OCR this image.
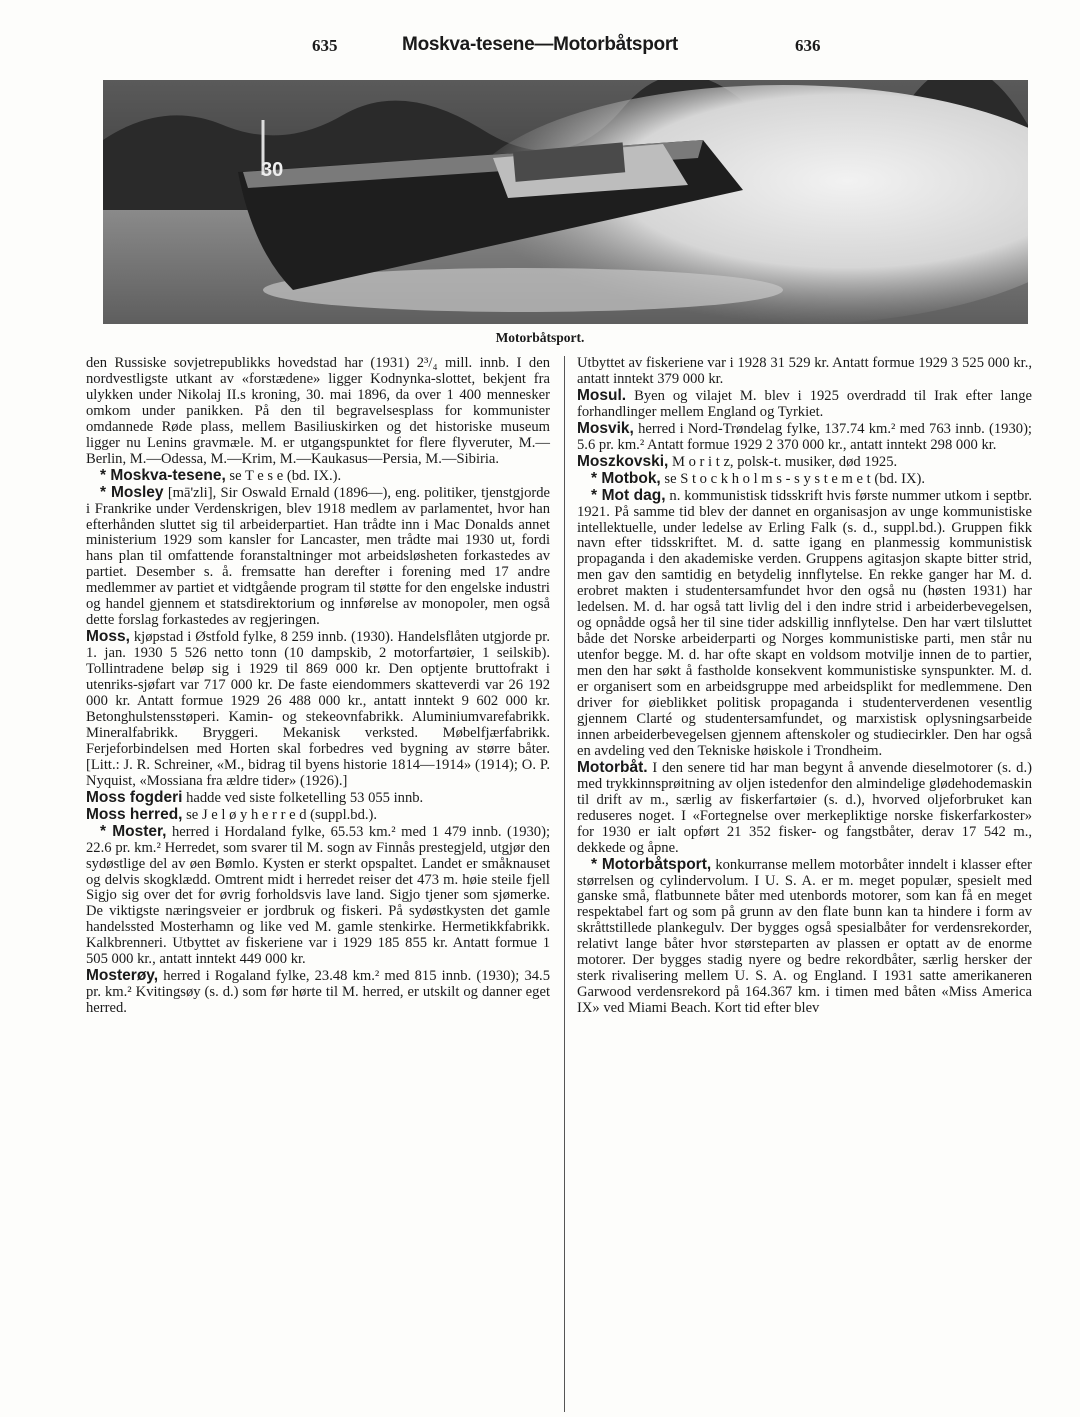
635	Moskva-tesene—Motorbåtsport	636
30
Motorbåtsport.

den Russiske sovjetrepublikks hovedstad har (1931) 2³/₄ mill. innb. I den nordvestligste utkant av «forstædene» ligger Kodnynka-slottet, bekjent fra ulykken under Nikolaj II.s kroning, 30. mai 1896, da over 1 400 mennesker omkom under panikken. På den til begravelsesplass for kommunister omdannede Røde plass, mellem Basiliuskirken og det historiske museum ligger nu Lenins gravmæle. M. er utgangspunktet for flere flyveruter, M.—Berlin, M.—Odessa, M.—Krim, M.—Kaukasus—Persia, M.—Sibiria.

* Moskva-tesene, se T e s e (bd. IX.).

* Mosley [mā'zli], Sir Oswald Ernald (1896—), eng. politiker, tjenstgjorde i Frankrike under Verdenskrigen, blev 1918 medlem av parlamentet, hvor han efterhånden sluttet sig til arbeiderpartiet. Han trådte inn i Mac Donalds annet ministerium 1929 som kansler for Lancaster, men trådte mai 1930 ut, fordi hans plan til omfattende foranstaltninger mot arbeidsløsheten forkastedes av partiet. Desember s. å. fremsatte han derefter i forening med 17 andre medlemmer av partiet et vidtgående program til støtte for den engelske industri og handel gjennem et statsdirektorium og innførelse av monopoler, men også dette forslag forkastedes av regjeringen.

Moss, kjøpstad i Østfold fylke, 8 259 innb. (1930). Handelsflåten utgjorde pr. 1. jan. 1930 5 526 netto tonn (10 dampskib, 2 motorfartøier, 1 seilskib). Tollintradene beløp sig i 1929 til 869 000 kr. Den optjente bruttofrakt i utenriks-sjøfart var 717 000 kr. De faste eiendommers skatteverdi var 26 192 000 kr. Antatt formue 1929 26 488 000 kr., antatt inntekt 9 602 000 kr. Betonghulstensstøperi. Kamin- og stekeovnfabrikk. Aluminiumvarefabrikk. Mineralfabrikk. Bryggeri. Mekanisk verksted. Møbelfjærfabrikk. Ferjeforbindelsen med Horten skal forbedres ved bygning av større båter. [Litt.: J. R. Schreiner, «M., bidrag til byens historie 1814—1914» (1914); O. P. Nyquist, «Mossiana fra ældre tider» (1926).]

Moss fogderi hadde ved siste folketelling 53 055 innb.

Moss herred, se J e l ø y h e r r e d (suppl.bd.).

* Moster, herred i Hordaland fylke, 65.53 km.² med 1 479 innb. (1930); 22.6 pr. km.² Herredet, som svarer til M. sogn av Finnås prestegjeld, utgjør den sydøstlige del av øen Bømlo. Kysten er sterkt opspaltet. Landet er småknauset og delvis skogklædd. Omtrent midt i herredet reiser det 473 m. høie steile fjell Sigjo sig over det for øvrig forholdsvis lave land. Sigjo tjener som sjømerke. De viktigste næringsveier er jordbruk og fiskeri. På sydøstkysten det gamle handelssted Mosterhamn og like ved M. gamle stenkirke. Hermetikkfabrikk. Kalkbrenneri. Utbyttet av fiskeriene var i 1929 185 855 kr. Antatt formue 1 505 000 kr., antatt inntekt 449 000 kr.

Mosterøy, herred i Rogaland fylke, 23.48 km.² med 815 innb. (1930); 34.5 pr. km.² Kvitingsøy (s. d.) som før hørte til M. herred, er utskilt og danner eget herred.

Utbyttet av fiskeriene var i 1928 31 529 kr. Antatt formue 1929 3 525 000 kr., antatt inntekt 379 000 kr.

Mosul. Byen og vilajet M. blev i 1925 overdradd til Irak efter lange forhandlinger mellem England og Tyrkiet.

Mosvik, herred i Nord-Trøndelag fylke, 137.74 km.² med 763 innb. (1930); 5.6 pr. km.² Antatt formue 1929 2 370 000 kr., antatt inntekt 298 000 kr.

Moszkovski, M o r i t z, polsk-t. musiker, død 1925.

* Motbok, se S t o c k h o l m s - s y s t e m e t (bd. IX).

* Mot dag, n. kommunistisk tidsskrift hvis første nummer utkom i septbr. 1921. På samme tid blev der dannet en organisasjon av unge kommunistiske intellektuelle, under ledelse av Erling Falk (s. d., suppl.bd.). Gruppen fikk navn efter tidsskriftet. M. d. satte igang en planmessig kommunistisk propaganda i den akademiske verden. Gruppens agitasjon skapte bitter strid, men gav den samtidig en betydelig innflytelse. En rekke ganger har M. d. erobret makten i studentersamfundet hvor den også nu (høsten 1931) har ledelsen. M. d. har også tatt livlig del i den indre strid i arbeiderbevegelsen, og opnådde også her til sine tider adskillig innflytelse. Den har vært tilsluttet både det Norske arbeiderparti og Norges kommunistiske parti, men står nu utenfor begge. M. d. har ofte skapt en voldsom motvilje innen de to partier, men den har søkt å fastholde konsekvent kommunistiske synspunkter. M. d. er organisert som en arbeidsgruppe med arbeidsplikt for medlemmene. Den driver for øieblikket politisk propaganda i studenterverdenen vesentlig gjennem Clarté og studentersamfundet, og marxistisk oplysningsarbeide innen arbeiderbevegelsen gjennem aftenskoler og studiecirkler. Den har også en avdeling ved den Tekniske høiskole i Trondheim.

Motorbåt. I den senere tid har man begynt å anvende dieselmotorer (s. d.) med trykkinnsprøitning av oljen istedenfor den almindelige glødehodemaskin til drift av m., særlig av fiskerfartøier (s. d.), hvorved oljeforbruket kan reduseres noget. I «Fortegnelse over merkepliktige norske fiskerfarkoster» for 1930 er ialt opført 21 352 fisker- og fangstbåter, derav 17 542 m., dekkede og åpne.

* Motorbåtsport, konkurranse mellem motorbåter inndelt i klasser efter størrelsen og cylindervolum. I U. S. A. er m. meget populær, spesielt med ganske små, flatbunnete båter med utenbords motorer, som kan få en meget respektabel fart og som på grunn av den flate bunn kan ta hindere i form av skråttstillede plankegulv. Der bygges også spesialbåter for verdensrekorder, relativt lange båter hvor størsteparten av plassen er optatt av de enorme motorer. Der bygges stadig nyere og bedre rekordbåter, særlig hersker der sterk rivalisering mellem U. S. A. og England. I 1931 satte amerikaneren Garwood verdensrekord på 164.367 km. i timen med båten «Miss America IX» ved Miami Beach. Kort tid efter blev
